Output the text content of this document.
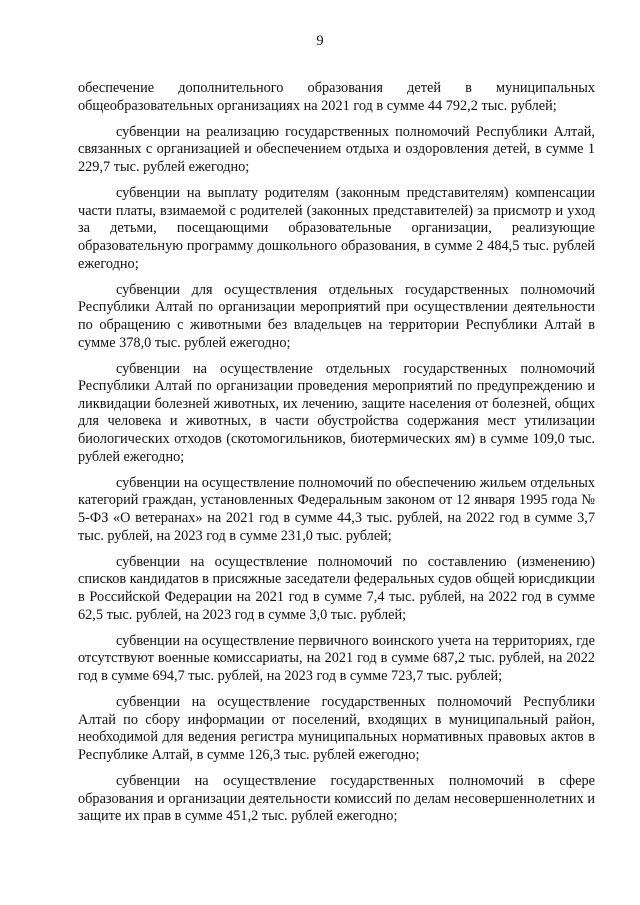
9

обеспечение дополнительного образования детей в муниципальных общеобразовательных организациях на 2021 год в сумме 44 792,2 тыс. рублей;

субвенции на реализацию государственных полномочий Республики Алтай, связанных с организацией и обеспечением отдыха и оздоровления детей, в сумме 1 229,7 тыс. рублей ежегодно;

субвенции на выплату родителям (законным представителям) компенсации части платы, взимаемой с родителей (законных представителей) за присмотр и уход за детьми, посещающими образовательные организации, реализующие образовательную программу дошкольного образования, в сумме 2 484,5 тыс. рублей ежегодно;

субвенции для осуществления отдельных государственных полномочий Республики Алтай по организации мероприятий при осуществлении деятельности по обращению с животными без владельцев на территории Республики Алтай в сумме 378,0 тыс. рублей ежегодно;

субвенции на осуществление отдельных государственных полномочий Республики Алтай по организации проведения мероприятий по предупреждению и ликвидации болезней животных, их лечению, защите населения от болезней, общих для человека и животных, в части обустройства содержания мест утилизации биологических отходов (скотомогильников, биотермических ям) в сумме 109,0 тыс. рублей ежегодно;

субвенции на осуществление полномочий по обеспечению жильем отдельных категорий граждан, установленных Федеральным законом от 12 января 1995 года № 5-ФЗ «О ветеранах» на 2021 год в сумме 44,3 тыс. рублей, на 2022 год в сумме 3,7 тыс. рублей, на 2023 год в сумме 231,0 тыс. рублей;

субвенции на осуществление полномочий по составлению (изменению) списков кандидатов в присяжные заседатели федеральных судов общей юрисдикции в Российской Федерации на 2021 год в сумме 7,4 тыс. рублей, на 2022 год в сумме 62,5 тыс. рублей, на 2023 год в сумме 3,0 тыс. рублей;

субвенции на осуществление первичного воинского учета на территориях, где отсутствуют военные комиссариаты, на 2021 год в сумме 687,2 тыс. рублей, на 2022 год в сумме 694,7 тыс. рублей, на 2023 год в сумме 723,7 тыс. рублей;

субвенции на осуществление государственных полномочий Республики Алтай по сбору информации от поселений, входящих в муниципальный район, необходимой для ведения регистра муниципальных нормативных правовых актов в Республике Алтай, в сумме 126,3 тыс. рублей ежегодно;

субвенции на осуществление государственных полномочий в сфере образования и организации деятельности комиссий по делам несовершеннолетних и защите их прав в сумме 451,2 тыс. рублей ежегодно;
